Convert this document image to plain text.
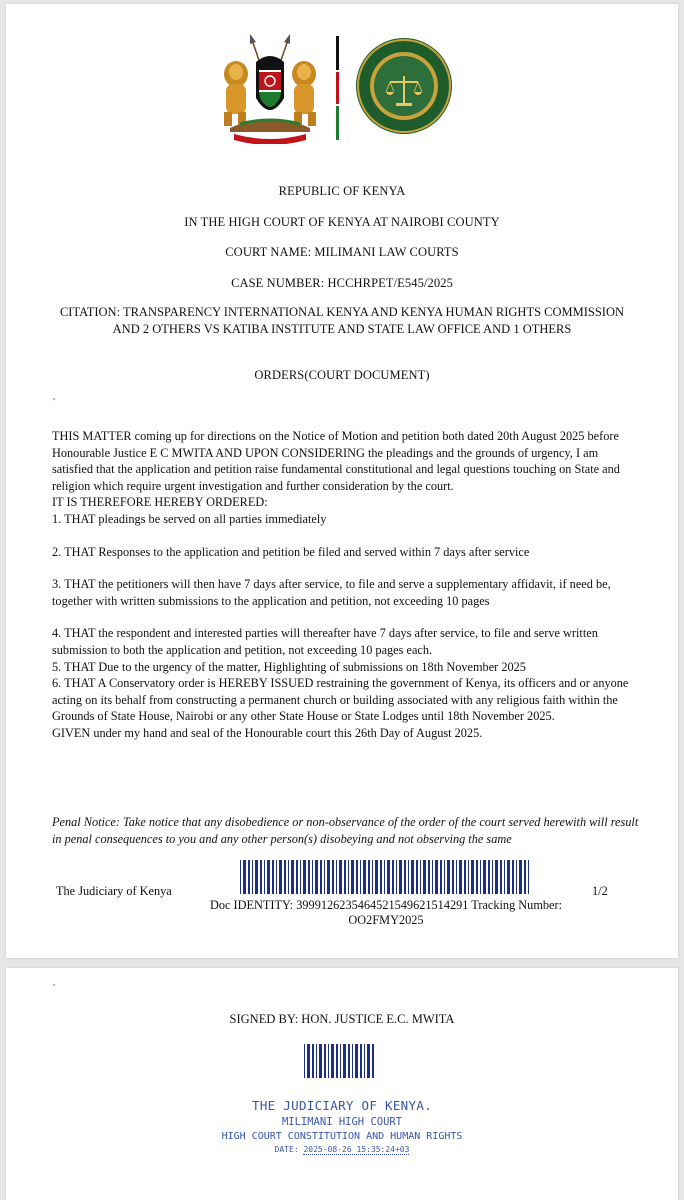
REPUBLIC OF KENYA
IN THE HIGH COURT OF KENYA AT NAIROBI COUNTY
COURT NAME: MILIMANI LAW COURTS
CASE NUMBER: HCCHRPET/E545/2025
CITATION: TRANSPARENCY INTERNATIONAL KENYA AND KENYA HUMAN RIGHTS COMMISSION AND 2 OTHERS VS KATIBA INSTITUTE AND STATE LAW OFFICE AND 1 OTHERS
ORDERS(COURT DOCUMENT)
'

THIS MATTER coming up for directions on the Notice of Motion and petition both dated 20th August 2025 before Honourable Justice E C MWITA AND UPON CONSIDERING the pleadings and the grounds of urgency, I am satisfied that the application and petition raise fundamental constitutional and legal questions touching on State and religion which require urgent investigation and further consideration by the court.

IT IS THEREFORE HEREBY ORDERED:

1. THAT pleadings be served on all parties immediately

2. THAT Responses to the application and petition be filed and served within 7 days after service

3. THAT the petitioners will then have 7 days after service, to file and serve a supplementary affidavit, if need be, together with written submissions to the application and petition, not exceeding 10 pages

4. THAT the respondent and interested parties will thereafter have 7 days after service, to file and serve written submission to both the application and petition, not exceeding 10 pages each.

5. THAT Due to the urgency of the matter, Highlighting of submissions on 18th November 2025

6. THAT A Conservatory order is HEREBY ISSUED restraining the government of Kenya, its officers and or anyone acting on its behalf from constructing a permanent church or building associated with any religious faith within the Grounds of State House, Nairobi or any other State House or State Lodges until 18th November 2025.

GIVEN under my hand and seal of the Honourable court this 26th Day of August 2025.

Penal Notice: Take notice that any disobedience or non-observance of the order of the court served herewith will result in penal consequences to you and any other person(s) disobeying and not observing the same
The Judiciary of Kenya	1/2
Doc IDENTITY: 3999126235464521549621514291 Tracking Number: OO2FMY2025
'
SIGNED BY: HON. JUSTICE E.C. MWITA
THE JUDICIARY OF KENYA.
MILIMANI HIGH COURT
HIGH COURT CONSTITUTION AND HUMAN RIGHTS
DATE: 2025-08-26 15:35:24+03
